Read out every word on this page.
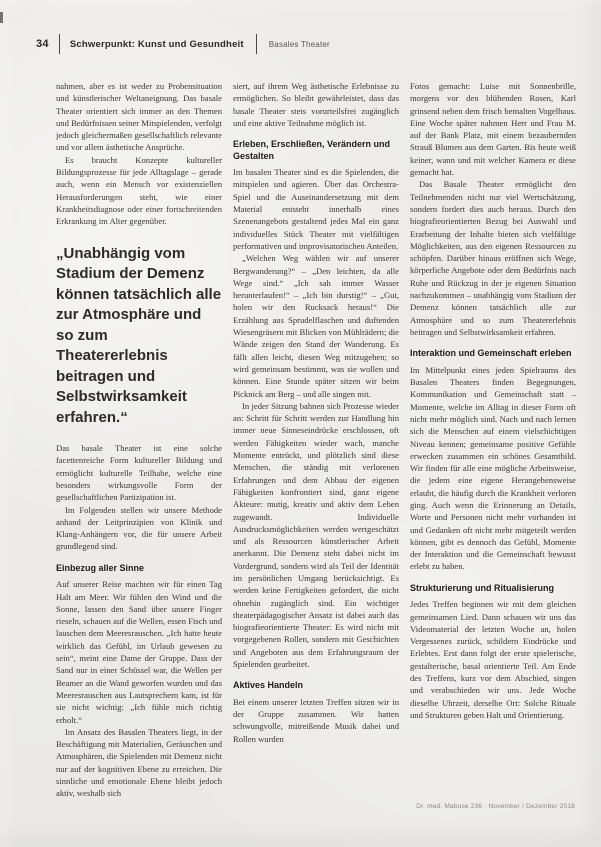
34 Schwerpunkt: Kunst und Gesundheit	Basales Theater

nahmen, aber es ist weder zu Probensituation und künstlerischer Weltaneignung. Das basale Theater orientiert sich immer an den Themen und Bedürfnissen seiner Mitspielenden, verfolgt jedoch gleichermaßen gesellschaftlich relevante und vor allem ästhetische Ansprüche.

Es braucht Konzepte kultureller Bildungsprozesse für jede Alltagslage – gerade auch, wenn ein Mensch vor existenziellen Herausforderungen steht, wie einer Krankheitsdiagnose oder einer fortschreitenden Erkrankung im Alter gegenüber.

„Unabhängig vom Stadium der Demenz können tatsächlich alle zur Atmosphäre und so zum Theatererlebnis beitragen und Selbstwirksamkeit erfahren.“

Das basale Theater ist eine solche facettenreiche Form kultureller Bildung und ermöglicht kulturelle Teilhabe, welche eine besonders wirkungsvolle Form der gesellschaftlichen Partizipation ist.

Im Folgenden stellen wir unsere Methode anhand der Leitprinzipien von Klinik und Klang-Anhängern vor, die für unsere Arbeit grundlegend sind.

Einbezug aller Sinne

Auf unserer Reise machten wir für einen Tag Halt am Meer. Wir fühlen den Wind und die Sonne, lassen den Sand über unsere Finger rieseln, schauen auf die Wellen, essen Fisch und lauschen dem Meeresrauschen. „Ich hatte heute wirklich das Gefühl, im Urlaub gewesen zu sein“, meint eine Dame der Gruppe. Dass der Sand nur in einer Schüssel war, die Wellen per Beamer an die Wand geworfen wurden und das Meeresrauschen aus Lautsprechern kam, ist für sie nicht wichtig: „Ich fühle mich richtig erholt.“

Im Ansatz des Basalen Theaters liegt, in der Beschäftigung mit Materialien, Geräuschen und Atmosphären, die Spielenden mit Demenz nicht nur auf der kognitiven Ebene zu erreichen. Die sinnliche und emotionale Ebene bleibt jedoch aktiv, weshalb sich

siert, auf ihrem Weg ästhetische Erlebnisse zu ermöglichen. So bleibt gewährleistet, dass das basale Theater stets vorurteilsfrei zugänglich und eine aktive Teilnahme möglich ist.

Erleben, Erschließen, Verändern und Gestalten

Im basalen Theater sind es die Spielenden, die mitspielen und agieren. Über das Orchestra-Spiel und die Auseinandersetzung mit dem Material entsteht innerhalb eines Szenenangebots gestaltend jedes Mal ein ganz individuelles Stück Theater mit vielfältigen performativen und improvisatorischen Anteilen.

„Welchen Weg wählen wir auf unserer Bergwanderung?“ – „Den leichten, da alle Wege sind.“ „Ich sah immer Wasser herunterlaufen!“ – „Ich bin durstig!“ – „Gut, holen wir den Rucksack heraus!“ Die Erzählung aus Sprudelflaschen und duftenden Wiesengräsern mit Blicken von Mühlrädern; die Wände zeigen den Stand der Wanderung. Es fällt allen leicht, diesen Weg mitzugehen; so wird gemeinsam bestimmt, was sie wollen und können. Eine Stunde später sitzen wir beim Picknick am Berg – und alle singen mit.

In jeder Sitzung bahnen sich Prozesse wieder an: Schritt für Schritt werden zur Handlung hin immer neue Sinneseindrücke erschlossen, oft werden Fähigkeiten wieder wach, manche Momente entrückt, und plötzlich sind diese Menschen, die ständig mit verlorenen Erfahrungen und dem Abbau der eigenen Fähigkeiten konfrontiert sind, ganz eigene Akteure: mutig, kreativ und aktiv dem Leben zugewandt. Individuelle Ausdrucksmöglichkeiten werden wertgeschätzt und als Ressourcen künstlerischer Arbeit anerkannt. Die Demenz steht dabei nicht im Vordergrund, sondern wird als Teil der Identität im persönlichen Umgang berücksichtigt. Es werden keine Fertigkeiten gefordert, die nicht ohnehin zugänglich sind. Ein wichtiger theaterpädagogischer Ansatz ist dabei auch das biografieorientierte Theater: Es wird nicht mit vorgegebenen Rollen, sondern mit Geschichten und Angeboten aus dem Erfahrungsraum der Spielenden gearbeitet.

Aktives Handeln

Bei einem unserer letzten Treffen sitzen wir in der Gruppe zusammen. Wir hatten schwungvolle, mitreißende Musik dabei und Rollen wurden

Fotos gemacht: Luise mit Sonnenbrille, morgens vor den blühenden Rosen, Karl grinsend neben dem frisch bemalten Vogelhaus. Eine Woche später nahmen Herr und Frau M. auf der Bank Platz, mit einem bezaubernden Strauß Blumen aus dem Garten. Bis heute weiß keiner, wann und mit welcher Kamera er diese gemacht hat.

Das Basale Theater ermöglicht den Teilnehmenden nicht nur viel Wertschätzung, sondern fordert dies auch heraus. Durch den biografieorientierten Bezug bei Auswahl und Erarbeitung der Inhalte bieten sich vielfältige Möglichkeiten, aus den eigenen Ressourcen zu schöpfen. Darüber hinaus eröffnen sich Wege, körperliche Angebote oder dem Bedürfnis nach Ruhe und Rückzug in der je eigenen Situation nachzukommen – unabhängig vom Stadium der Demenz können tatsächlich alle zur Atmosphäre und so zum Theatererlebnis beitragen und Selbstwirksamkeit erfahren.

Interaktion und Gemeinschaft erleben

Im Mittelpunkt eines jeden Spielraums des Basalen Theaters finden Begegnungen, Kommunikation und Gemeinschaft statt – Momente, welche im Alltag in dieser Form oft nicht mehr möglich sind. Nach und nach lernen sich die Menschen auf einem vielschichtigen Niveau kennen; gemeinsame positive Gefühle erwecken zusammen ein schönes Gesamtbild. Wir finden für alle eine mögliche Arbeitsweise, die jedem eine eigene Herangehensweise erlaubt, die häufig durch die Krankheit verloren ging. Auch wenn die Erinnerung an Details, Worte und Personen nicht mehr vorhanden ist und Gedanken oft nicht mehr mitgeteilt werden können, gibt es dennoch das Gefühl, Momente der Interaktion und die Gemeinschaft bewusst erlebt zu haben.

Strukturierung und Ritualisierung

Jedes Treffen beginnen wir mit dem gleichen gemeinsamen Lied. Dann schauen wir uns das Videomaterial der letzten Woche an, holen Vergessenes zurück, schildern Eindrücke und Erlebtes. Erst dann folgt der erste spielerische, gestalterische, basal orientierte Teil. Am Ende des Treffens, kurz vor dem Abschied, singen und verabschieden wir uns. Jede Woche dieselbe Uhrzeit, derselbe Ort: Solche Rituale und Strukturen geben Halt und Orientierung.

Dr. med. Mabuse 236 · November / Dezember 2018
